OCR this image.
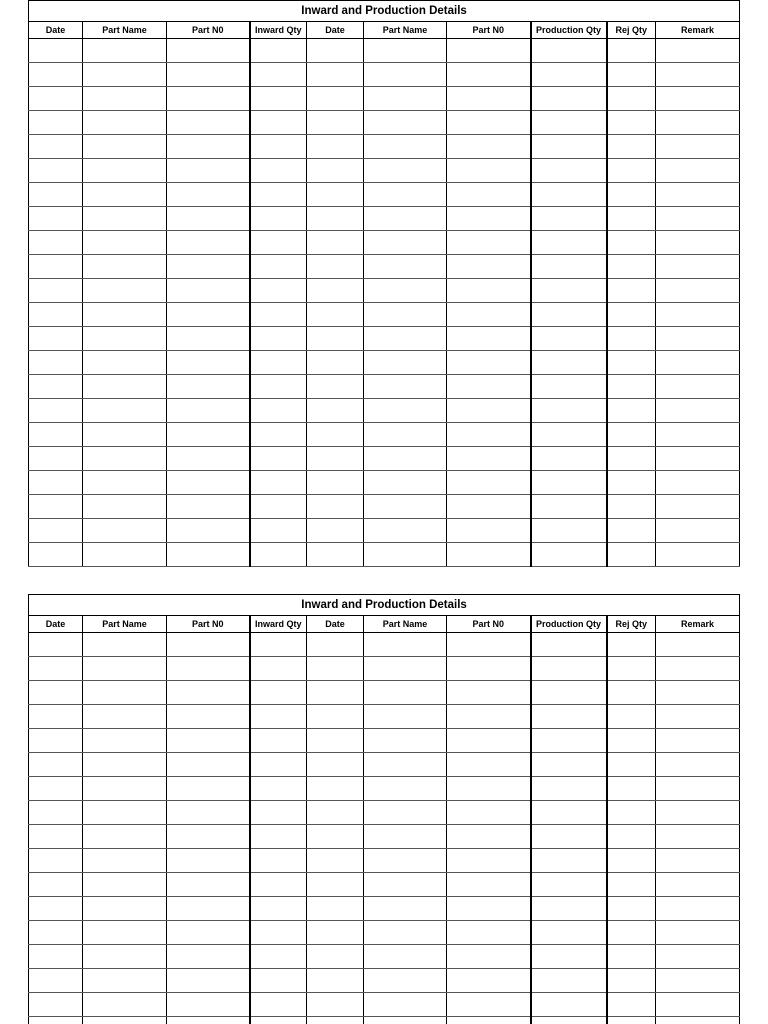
Inward and Production Details									
Date	Part Name	Part N0	Inward Qty	Date	Part Name	Part N0	Production Qty	Rej Qty	Remark

Inward and Production Details									
Date	Part Name	Part N0	Inward Qty	Date	Part Name	Part N0	Production Qty	Rej Qty	Remark
